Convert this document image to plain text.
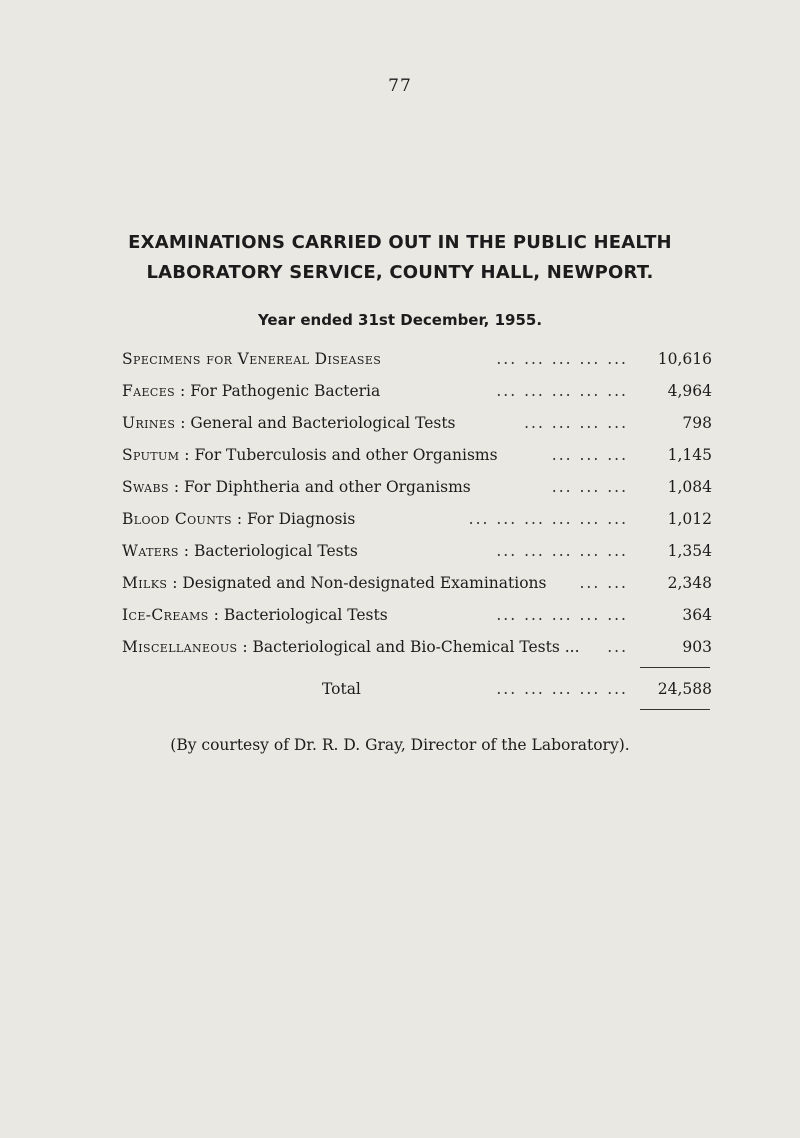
77
EXAMINATIONS CARRIED OUT IN THE PUBLIC HEALTH
LABORATORY SERVICE, COUNTY HALL, NEWPORT.
Year ended 31st December, 1955.
Specimens for Venereal Diseases	... ... ... ... ...	10,616
Faeces : For Pathogenic Bacteria	... ... ... ... ...	4,964
Urines : General and Bacteriological Tests	... ... ... ...	798
Sputum : For Tuberculosis and other Organisms	... ... ...	1,145
Swabs : For Diphtheria and other Organisms	... ... ...	1,084
Blood Counts : For Diagnosis	... ... ... ... ... ...	1,012
Waters : Bacteriological Tests	... ... ... ... ...	1,354
Milks : Designated and Non-designated Examinations ... ...	2,348
Ice-Creams : Bacteriological Tests	... ... ... ... ...	364
Miscellaneous : Bacteriological and Bio-Chemical Tests ... ...	903
Total	... ... ... ... ...	24,588
(By courtesy of Dr. R. D. Gray, Director of the Laboratory).
